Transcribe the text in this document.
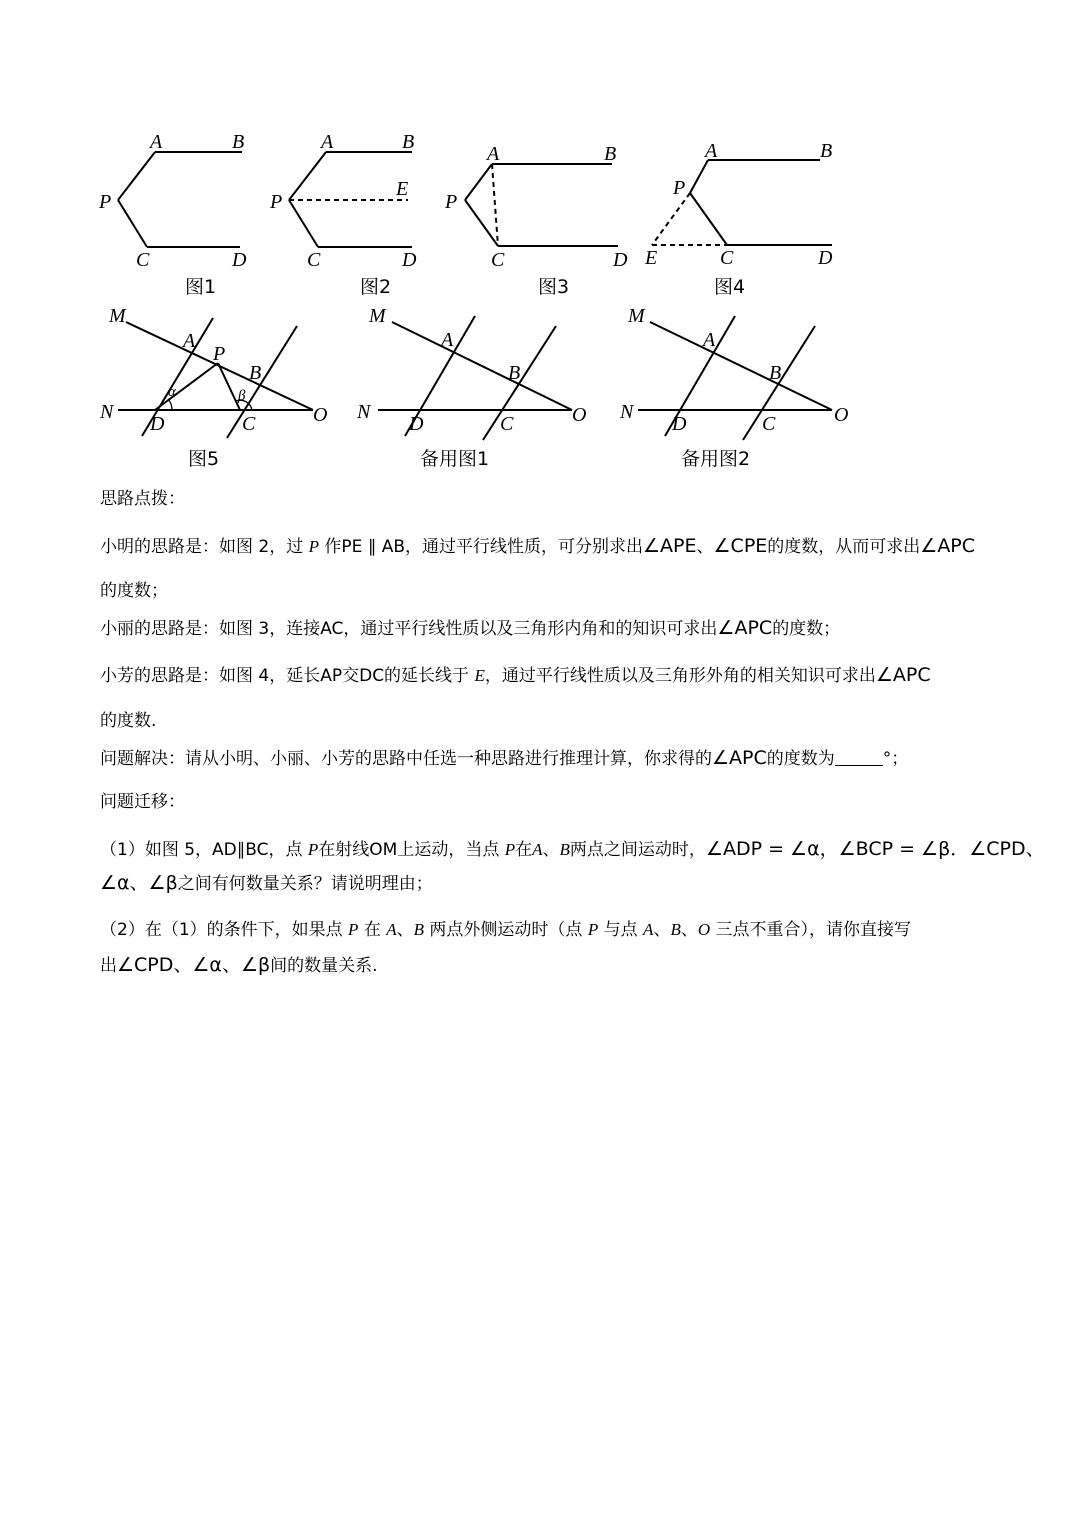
A	B
P
C	D
图1
A	B
P
E
C	D
图2
A	B
P
C	D
图3
A	B
P
E	C	D
图4
M
A
P
B
N
D	C	O
α	β
图5
M
A
B
N
D	C	O
备用图1
M
A
B
N
D	C	O
备用图2
思路点拨：
小明的思路是：如图 2，过 P 作PE ∥ AB，通过平行线性质，可分别求出∠APE、∠CPE的度数，从而可求出∠APC
的度数；
小丽的思路是：如图 3，连接AC，通过平行线性质以及三角形内角和的知识可求出∠APC的度数；
小芳的思路是：如图 4，延长AP交DC的延长线于 E，通过平行线性质以及三角形外角的相关知识可求出∠APC
的度数.
问题解决：请从小明、小丽、小芳的思路中任选一种思路进行推理计算，你求得的∠APC的度数为	°；
问题迁移：
（1）如图 5，AD∥BC，点 P在射线OM上运动，当点 P在A、B两点之间运动时，∠ADP = ∠α，∠BCP = ∠β．∠CPD、
∠α、∠β之间有何数量关系？请说明理由；
（2）在（1）的条件下，如果点 P 在 A、B 两点外侧运动时（点 P 与点 A、B、O 三点不重合），请你直接写
出∠CPD、∠α、∠β间的数量关系.
